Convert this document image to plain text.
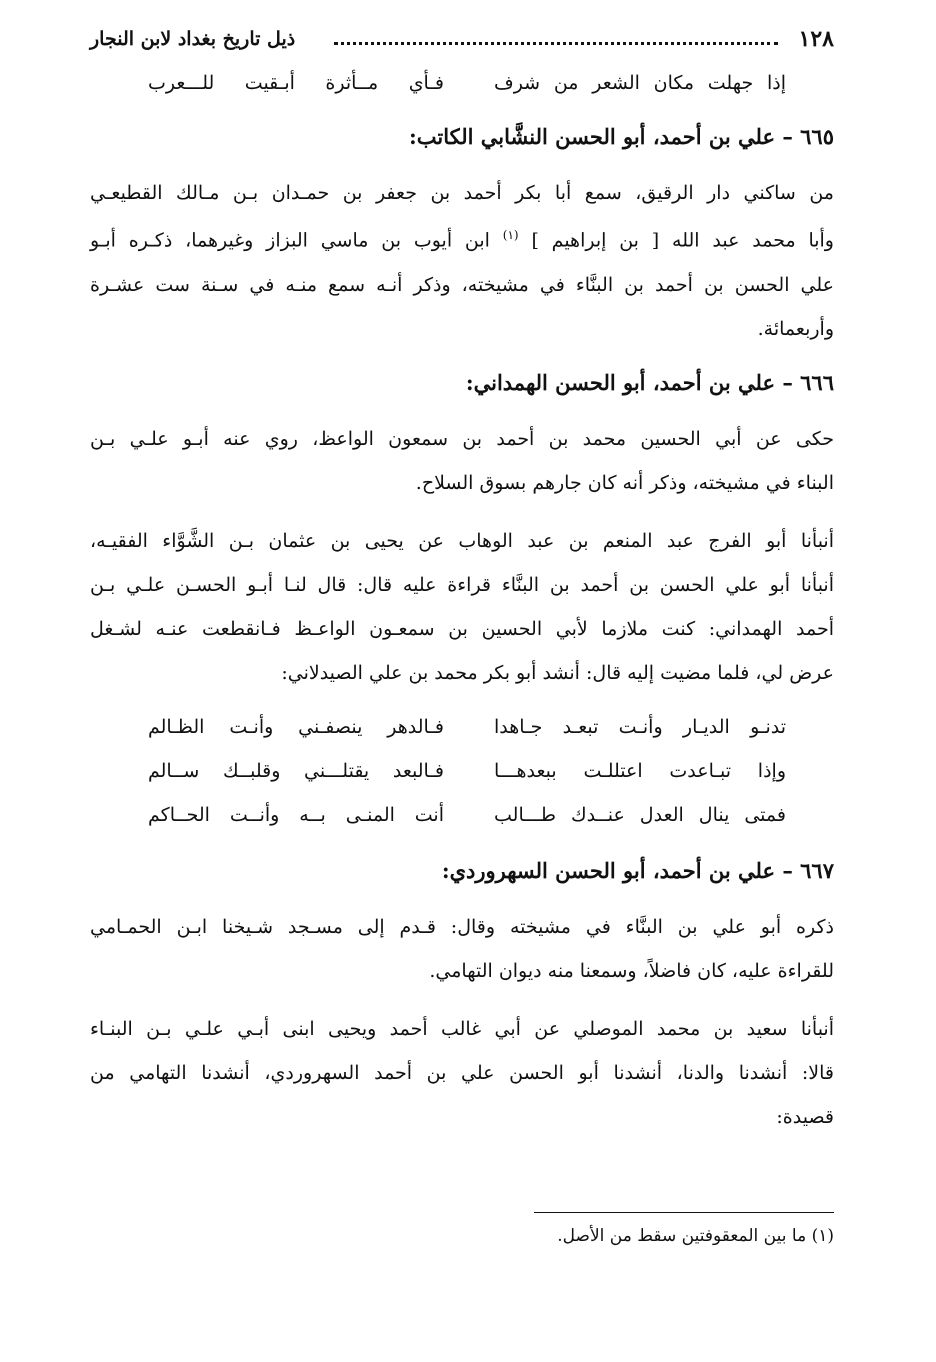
١٢٨
ذيل تاريخ بغداد لابن النجار
إذا جهلت مكان الشعر من شرف
فـأي مــأثرة أبـقيت للـــعرب
٦٦٥ – علي بن أحمد، أبو الحسن النشَّابي الكاتب:
من ساكني دار الرقيق، سمع أبا بكر أحمد بن جعفر بن حمـدان بـن مـالك القطيعـي
وأبا محمد عبد الله [ بن إبراهيم ] $^{(١)}$ ابن أيوب بن ماسي البزاز وغيرهما، ذكـره أبـو
علي الحسن بن أحمد بن البنَّاء في مشيخته، وذكر أنـه سمع منـه في سـنة ست عشـرة
وأربعمائة.
٦٦٦ – علي بن أحمد، أبو الحسن الهمداني:
حكى عن أبي الحسين محمد بن أحمد بن سمعون الواعظ، روي عنه أبـو علـي بـن
البناء في مشيخته، وذكر أنه كان جارهم بسوق السلاح.
أنبأنا أبو الفرج عبد المنعم بن عبد الوهاب عن يحيى بن عثمان بـن الشَّوَّاء الفقيـه،
أنبأنا أبو علي الحسن بن أحمد بن البنَّاء قراءة عليه قال: قال لنـا أبـو الحسـن علـي بـن
أحمد الهمداني: كنت ملازما لأبي الحسين بن سمعـون الواعـظ فـانقطعت عنـه لشـغل
عرض لي، فلما مضيت إليه قال: أنشد أبو بكر محمد بن علي الصيدلاني:
تدنـو الديـار وأنـت تبعـد جـاهدا
فـالدهر ينصفـني وأنـت الظـالم
وإذا تبـاعدت اعتللـت ببعدهـــا
فـالبعد يقتلـــني وقلبــك ســالم
فمتى ينال العدل عنــدك طـــالب
أنت المنـى بــه وأنــت الحــاكم
٦٦٧ – علي بن أحمد، أبو الحسن السهروردي:
ذكره أبو علي بن البنَّاء في مشيخته وقال: قـدم إلى مسـجد شـيخنا ابـن الحمـامي
للقراءة عليه، كان فاضلاً، وسمعنا منه ديوان التهامي.
أنبأنا سعيد بن محمد الموصلي عن أبي غالب أحمد ويحيى ابنى أبـي علـي بـن البنـاء
قالا: أنشدنا والدنا، أنشدنا أبو الحسن علي بن أحمد السهروردي، أنشدنا التهامي من
قصيدة:
(١) ما بين المعقوفتين سقط من الأصل.
